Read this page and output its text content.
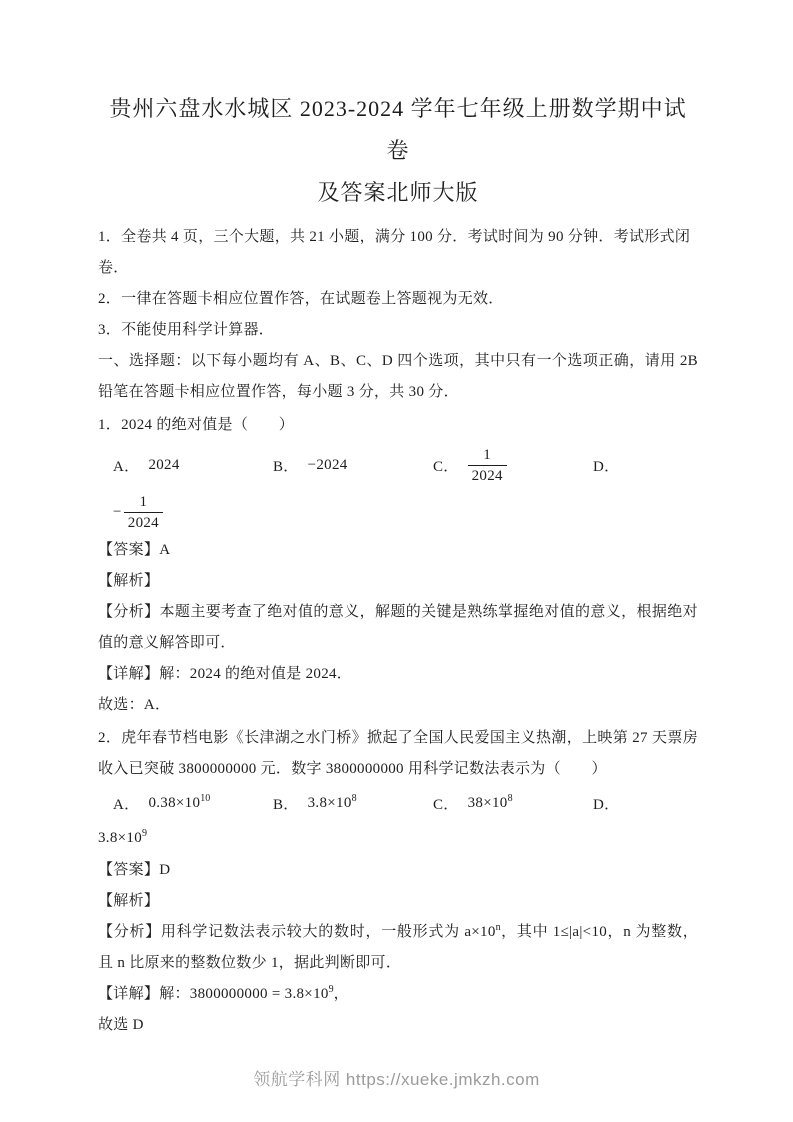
贵州六盘水水城区 2023-2024 学年七年级上册数学期中试卷
及答案北师大版

1．全卷共 4 页，三个大题，共 21 小题，满分 100 分．考试时间为 90 分钟．考试形式闭卷．

2．一律在答题卡相应位置作答，在试题卷上答题视为无效．

3．不能使用科学计算器．

一、选择题：以下每小题均有 A、B、C、D 四个选项，其中只有一个选项正确，请用 2B 铅笔在答题卡相应位置作答，每小题 3 分，共 30 分．

1．2024 的绝对值是（　　）

A． 2024	B． −2024	C． $\frac{1}{2024}$	D．
− $\frac{1}{2024}$

【答案】A

【解析】

【分析】本题主要考查了绝对值的意义，解题的关键是熟练掌握绝对值的意义，根据绝对值的意义解答即可．

【详解】解：2024 的绝对值是 2024．

故选：A．

2．虎年春节档电影《长津湖之水门桥》掀起了全国人民爱国主义热潮，上映第 27 天票房收入已突破 3800000000 元．数字 3800000000 用科学记数法表示为（　　）

A． $0.38\times 10^{10}$	B． $3.8\times 10^8$	C． $38\times 10^8$	D．

$3.8\times 10^9$

【答案】D

【解析】

【分析】用科学记数法表示较大的数时，一般形式为 $a\times 10^n$，其中 1≤|a|<10，n 为整数，且 n 比原来的整数位数少 1，据此判断即可．

【详解】解：$3800000000 = 3.8\times 10^9$，

故选 D

领航学科网 https://xueke.jmkzh.com
